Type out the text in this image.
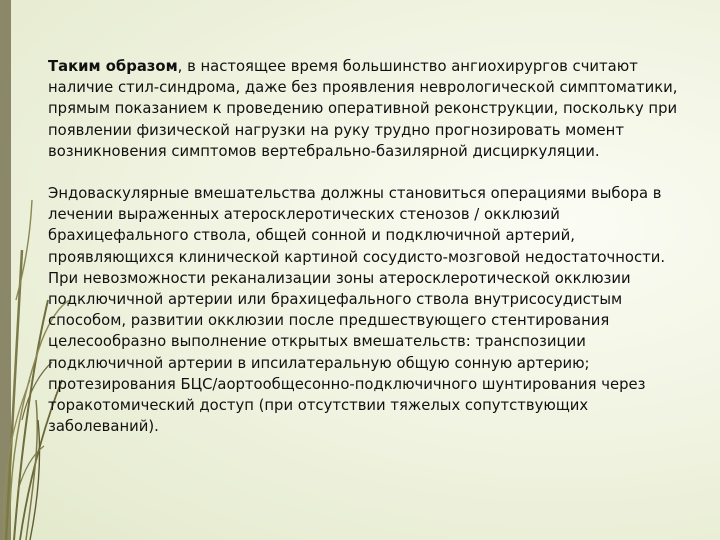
Таким образом, в настоящее время большинство ангиохирургов считают наличие стил-синдрома, даже без проявления неврологической симптоматики, прямым показанием к проведению оперативной реконструкции, поскольку при появлении физической нагрузки на руку трудно прогнозировать момент возникновения симптомов вертебрально-базилярной дисциркуляции.

Эндоваскулярные вмешательства должны становиться операциями выбора в лечении выраженных атеросклеротических стенозов / окклюзий брахицефального ствола, общей сонной и подключичной артерий, проявляющихся клинической картиной сосудисто-мозговой недостаточности. При невозможности реканализации зоны атеросклеротической окклюзии подключичной артерии или брахицефального ствола внутрисосудистым способом, развитии окклюзии после предшествующего стентирования целесообразно выполнение открытых вмешательств: транспозиции подключичной артерии в ипсилатеральную общую сонную артерию; протезирования БЦС/аортообщесонно-подключичного шунтирования через торакотомический доступ (при отсутствии тяжелых сопутствующих заболеваний).
